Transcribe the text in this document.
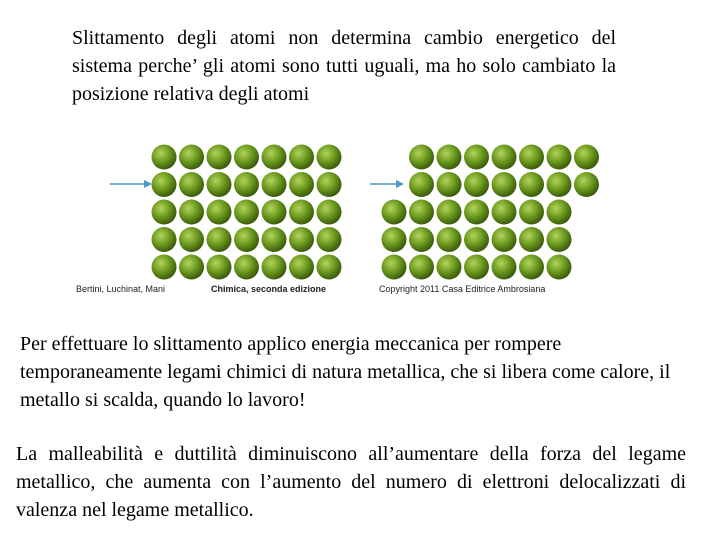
Slittamento degli atomi non determina cambio energetico del sistema perche’ gli atomi sono tutti uguali, ma ho solo cambiato la posizione relativa degli atomi
Bertini, Luchinat, Mani	Chimica, seconda edizione	Copyright 2011 Casa Editrice Ambrosiana
Per effettuare lo slittamento applico energia meccanica per rompere temporaneamente legami chimici di natura metallica, che si libera come calore, il metallo si scalda, quando lo lavoro!
La malleabilità e duttilità diminuiscono all’aumentare della forza del legame metallico, che aumenta con l’aumento del numero di elettroni delocalizzati di valenza nel legame metallico.
